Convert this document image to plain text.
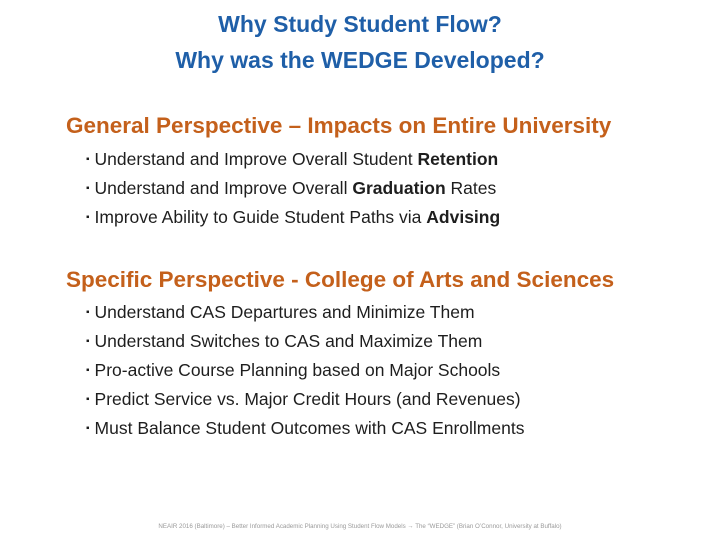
Why Study Student Flow?
Why was the WEDGE Developed?
General Perspective – Impacts on Entire University
▪ Understand and Improve Overall Student Retention
▪ Understand and Improve Overall Graduation Rates
▪ Improve Ability to Guide Student Paths via Advising
Specific Perspective - College of Arts and Sciences
▪ Understand CAS Departures and Minimize Them
▪ Understand Switches to CAS and Maximize Them
▪ Pro-active Course Planning based on Major Schools
▪ Predict Service vs. Major Credit Hours (and Revenues)
▪ Must Balance Student Outcomes with CAS Enrollments
NEAIR 2016 (Baltimore) – Better Informed Academic Planning Using Student Flow Models → The “WEDGE” (Brian O’Connor, University at Buffalo)
